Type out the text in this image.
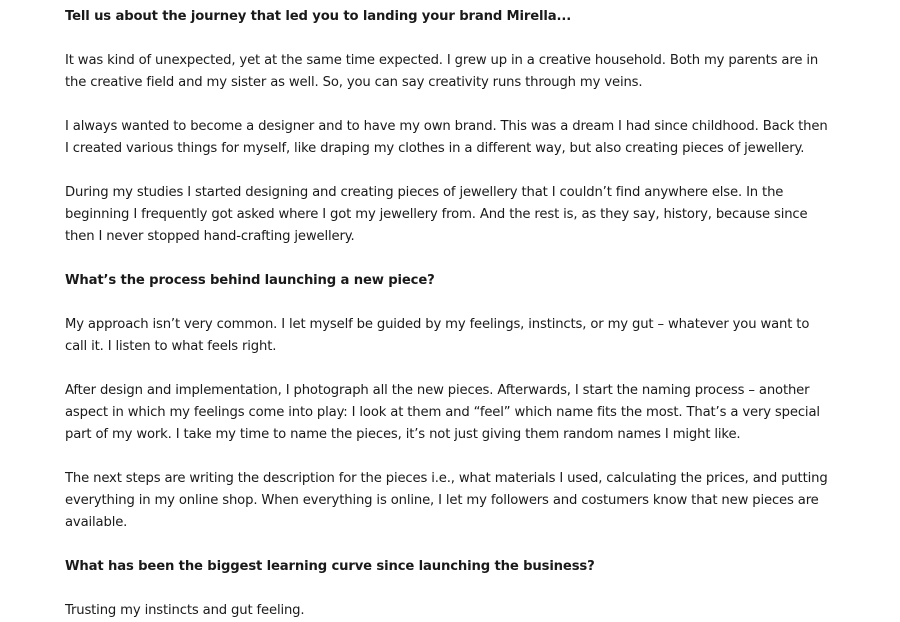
Tell us about the journey that led you to landing your brand Mirella...

It was kind of unexpected, yet at the same time expected. I grew up in a creative household. Both my parents are in the creative field and my sister as well. So, you can say creativity runs through my veins.

I always wanted to become a designer and to have my own brand. This was a dream I had since childhood. Back then I created various things for myself, like draping my clothes in a different way, but also creating pieces of jewellery.

During my studies I started designing and creating pieces of jewellery that I couldn’t find anywhere else. In the beginning I frequently got asked where I got my jewellery from. And the rest is, as they say, history, because since then I never stopped hand-crafting jewellery.

What’s the process behind launching a new piece?

My approach isn’t very common. I let myself be guided by my feelings, instincts, or my gut – whatever you want to call it. I listen to what feels right.

After design and implementation, I photograph all the new pieces. Afterwards, I start the naming process – another aspect in which my feelings come into play: I look at them and “feel” which name fits the most. That’s a very special part of my work. I take my time to name the pieces, it’s not just giving them random names I might like.

The next steps are writing the description for the pieces i.e., what materials I used, calculating the prices, and putting everything in my online shop. When everything is online, I let my followers and costumers know that new pieces are available.

What has been the biggest learning curve since launching the business?

Trusting my instincts and gut feeling.
